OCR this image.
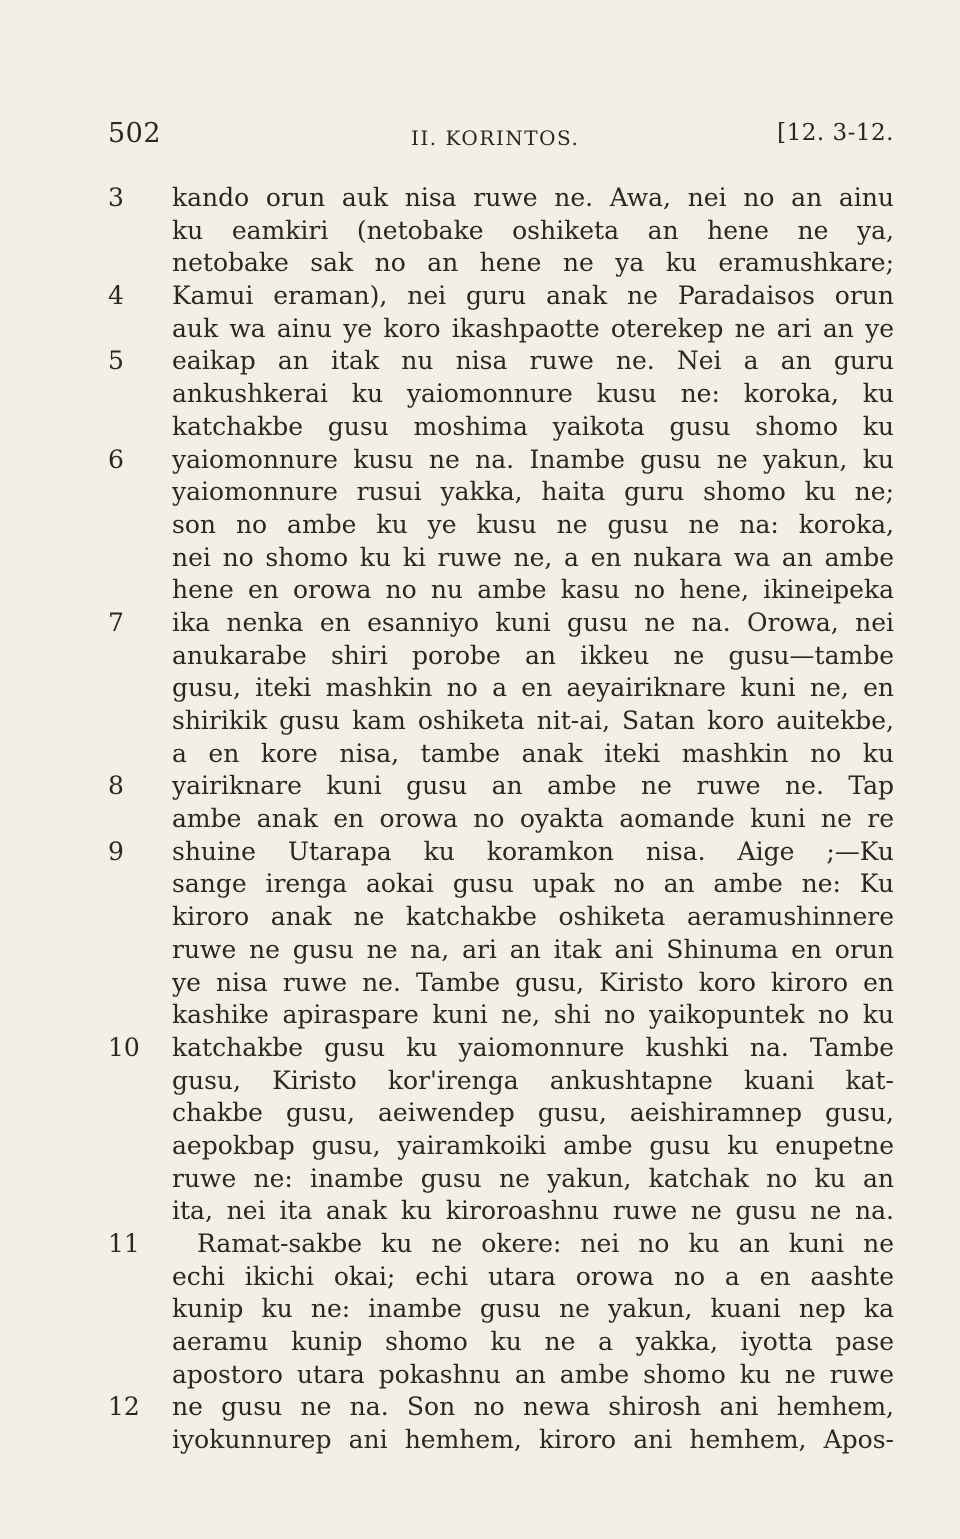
502	II. KORINTOS.	[12. 3-12.
3	kando orun auk nisa ruwe ne. Awa, nei no an ainu
ku eamkiri (netobake oshiketa an hene ne ya,
netobake sak no an hene ne ya ku eramushkare;
4	Kamui eraman), nei guru anak ne Paradaisos orun
auk wa ainu ye koro ikashpaotte oterekep ne ari an ye
5	eaikap an itak nu nisa ruwe ne. Nei a an guru
ankushkerai ku yaiomonnure kusu ne: koroka, ku
katchakbe gusu moshima yaikota gusu shomo ku
6	yaiomonnure kusu ne na. Inambe gusu ne yakun, ku
yaiomonnure rusui yakka, haita guru shomo ku ne;
son no ambe ku ye kusu ne gusu ne na: koroka,
nei no shomo ku ki ruwe ne, a en nukara wa an ambe
hene en orowa no nu ambe kasu no hene, ikineipeka
7	ika nenka en esanniyo kuni gusu ne na. Orowa, nei
anukarabe shiri porobe an ikkeu ne gusu—tambe
gusu, iteki mashkin no a en aeyairiknare kuni ne, en
shirikik gusu kam oshiketa nit-ai, Satan koro auitekbe,
a en kore nisa, tambe anak iteki mashkin no ku
8	yairiknare kuni gusu an ambe ne ruwe ne. Tap
ambe anak en orowa no oyakta aomande kuni ne re
9	shuine Utarapa ku koramkon nisa. Aige ;—Ku
sange irenga aokai gusu upak no an ambe ne: Ku
kiroro anak ne katchakbe oshiketa aeramushinnere
ruwe ne gusu ne na, ari an itak ani Shinuma en orun
ye nisa ruwe ne. Tambe gusu, Kiristo koro kiroro en
kashike apiraspare kuni ne, shi no yaikopuntek no ku
10	katchakbe gusu ku yaiomonnure kushki na. Tambe
gusu, Kiristo kor'irenga ankushtapne kuani kat-
chakbe gusu, aeiwendep gusu, aeishiramnep gusu,
aepokbap gusu, yairamkoiki ambe gusu ku enupetne
ruwe ne: inambe gusu ne yakun, katchak no ku an
ita, nei ita anak ku kiroroashnu ruwe ne gusu ne na.
11	 Ramat-sakbe ku ne okere: nei no ku an kuni ne
echi ikichi okai; echi utara orowa no a en aashte
kunip ku ne: inambe gusu ne yakun, kuani nep ka
aeramu kunip shomo ku ne a yakka, iyotta pase
apostoro utara pokashnu an ambe shomo ku ne ruwe
12	ne gusu ne na. Son no newa shirosh ani hemhem,
iyokunnurep ani hemhem, kiroro ani hemhem, Apos-
